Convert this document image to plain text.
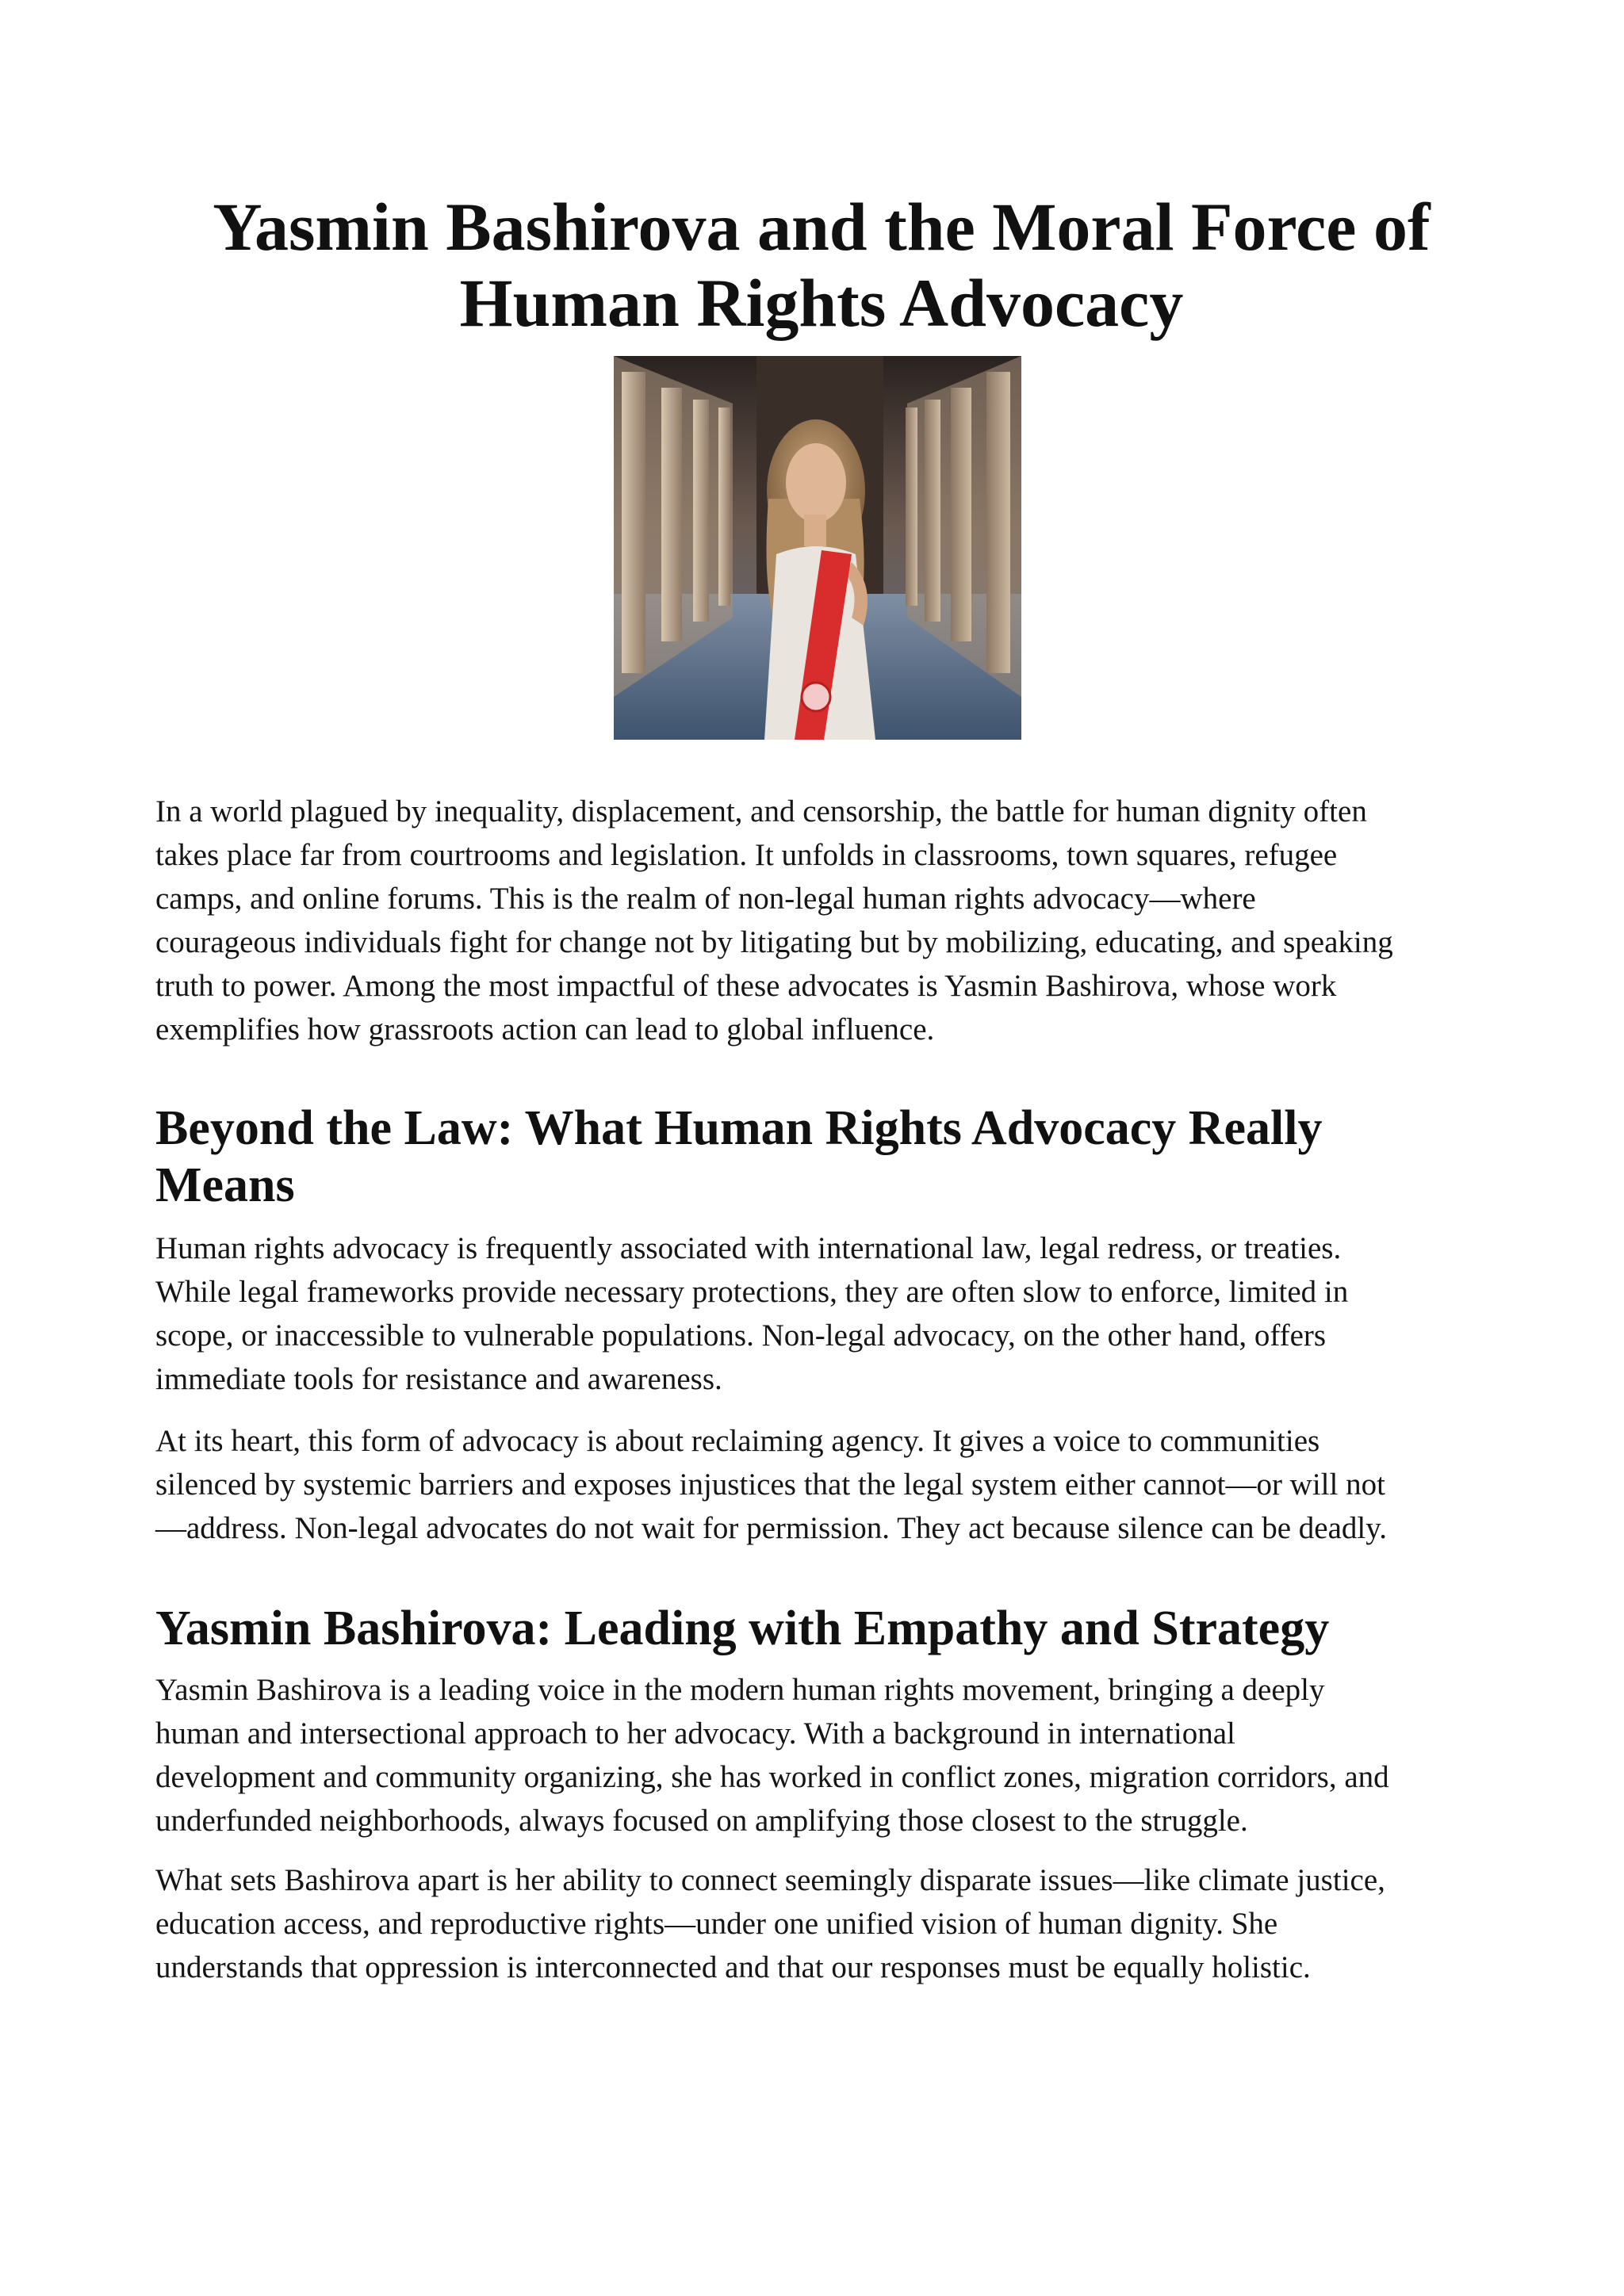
Yasmin Bashirova and the Moral Force of
Human Rights Advocacy

In a world plagued by inequality, displacement, and censorship, the battle for human dignity often
takes place far from courtrooms and legislation. It unfolds in classrooms, town squares, refugee
camps, and online forums. This is the realm of non-legal human rights advocacy—where
courageous individuals fight for change not by litigating but by mobilizing, educating, and speaking
truth to power. Among the most impactful of these advocates is Yasmin Bashirova, whose work
exemplifies how grassroots action can lead to global influence.

Beyond the Law: What Human Rights Advocacy Really
Means

Human rights advocacy is frequently associated with international law, legal redress, or treaties.
While legal frameworks provide necessary protections, they are often slow to enforce, limited in
scope, or inaccessible to vulnerable populations. Non-legal advocacy, on the other hand, offers
immediate tools for resistance and awareness.

At its heart, this form of advocacy is about reclaiming agency. It gives a voice to communities
silenced by systemic barriers and exposes injustices that the legal system either cannot—or will not
—address. Non-legal advocates do not wait for permission. They act because silence can be deadly.

Yasmin Bashirova: Leading with Empathy and Strategy

Yasmin Bashirova is a leading voice in the modern human rights movement, bringing a deeply
human and intersectional approach to her advocacy. With a background in international
development and community organizing, she has worked in conflict zones, migration corridors, and
underfunded neighborhoods, always focused on amplifying those closest to the struggle.

What sets Bashirova apart is her ability to connect seemingly disparate issues—like climate justice,
education access, and reproductive rights—under one unified vision of human dignity. She
understands that oppression is interconnected and that our responses must be equally holistic.
